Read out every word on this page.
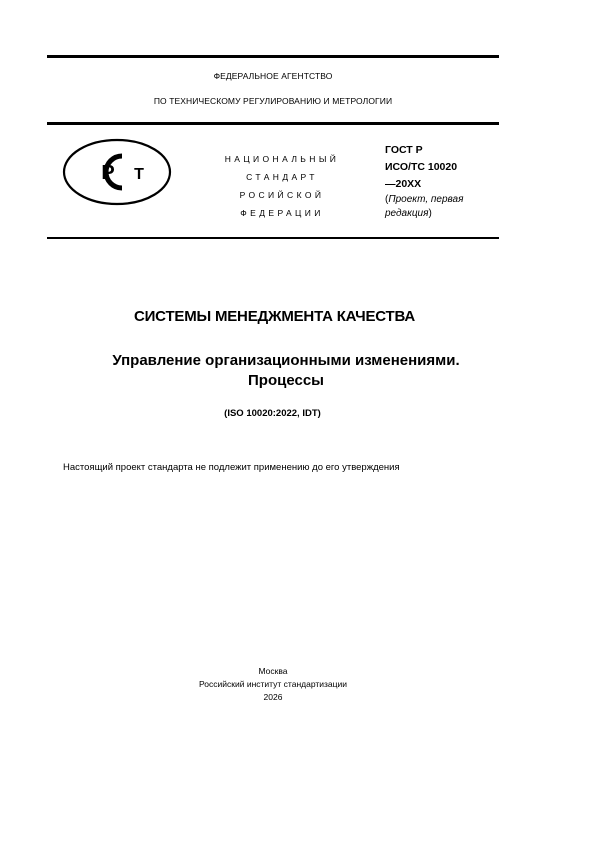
ФЕДЕРАЛЬНОЕ АГЕНТСТВО
ПО ТЕХНИЧЕСКОМУ РЕГУЛИРОВАНИЮ И МЕТРОЛОГИИ
Р Т
НАЦИОНАЛЬНЫЙ
СТАНДАРТ
РОСИЙСКОЙ
ФЕДЕРАЦИИ
ГОСТ Р
ИСО/ТС 10020
—20ХХ
(Проект, первая редакция)
СИСТЕМЫ МЕНЕДЖМЕНТА КАЧЕСТВА
Управление организационными изменениями.
Процессы
(ISO 10020:2022, IDT)
Настоящий проект стандарта не подлежит применению до его утверждения
Москва
Российский институт стандартизации
2026
